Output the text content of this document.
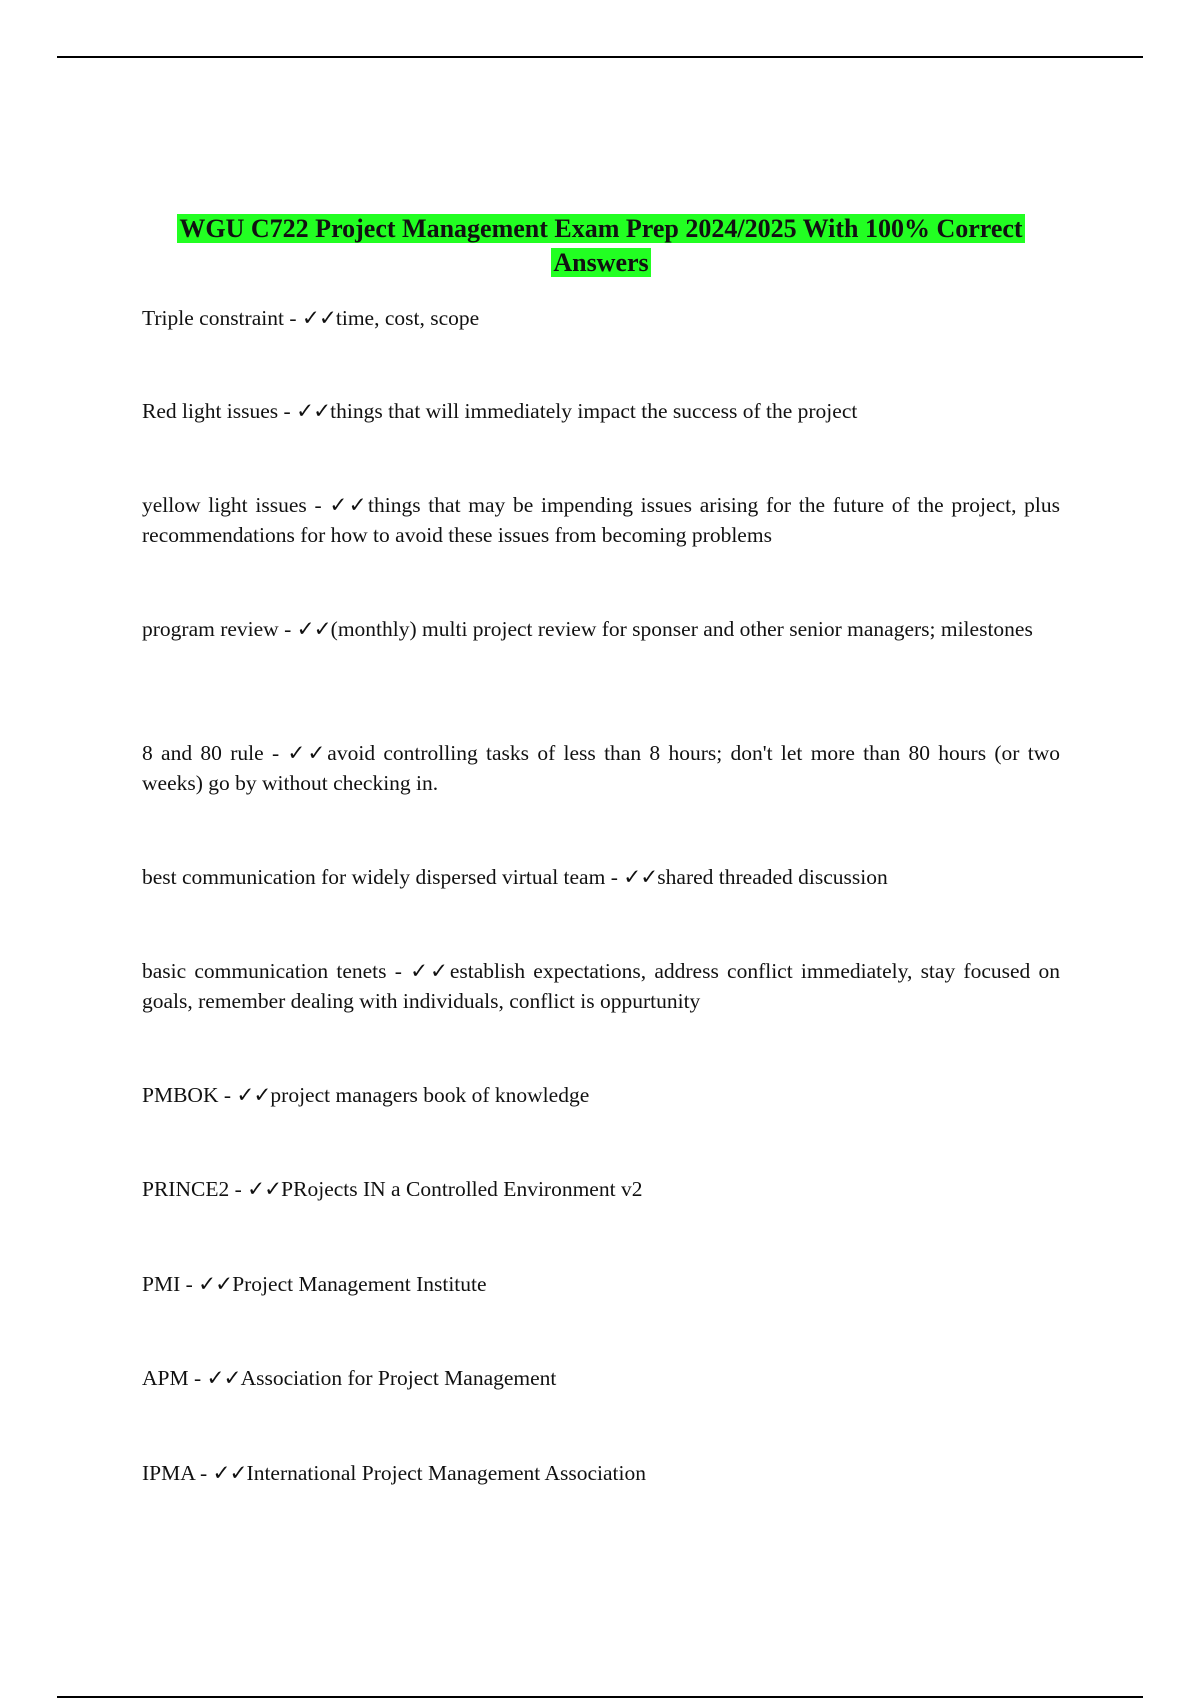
WGU C722 Project Management Exam Prep 2024/2025 With 100% Correct Answers

Triple constraint - ✓✓time, cost, scope

Red light issues - ✓✓things that will immediately impact the success of the project

yellow light issues - ✓✓things that may be impending issues arising for the future of the project, plus recommendations for how to avoid these issues from becoming problems

program review - ✓✓(monthly) multi project review for sponser and other senior managers; milestones

8 and 80 rule - ✓✓avoid controlling tasks of less than 8 hours; don't let more than 80 hours (or two weeks) go by without checking in.

best communication for widely dispersed virtual team - ✓✓shared threaded discussion

basic communication tenets - ✓✓establish expectations, address conflict immediately, stay focused on goals, remember dealing with individuals, conflict is oppurtunity

PMBOK - ✓✓project managers book of knowledge

PRINCE2 - ✓✓PRojects IN a Controlled Environment v2

PMI - ✓✓Project Management Institute

APM - ✓✓Association for Project Management

IPMA - ✓✓International Project Management Association
